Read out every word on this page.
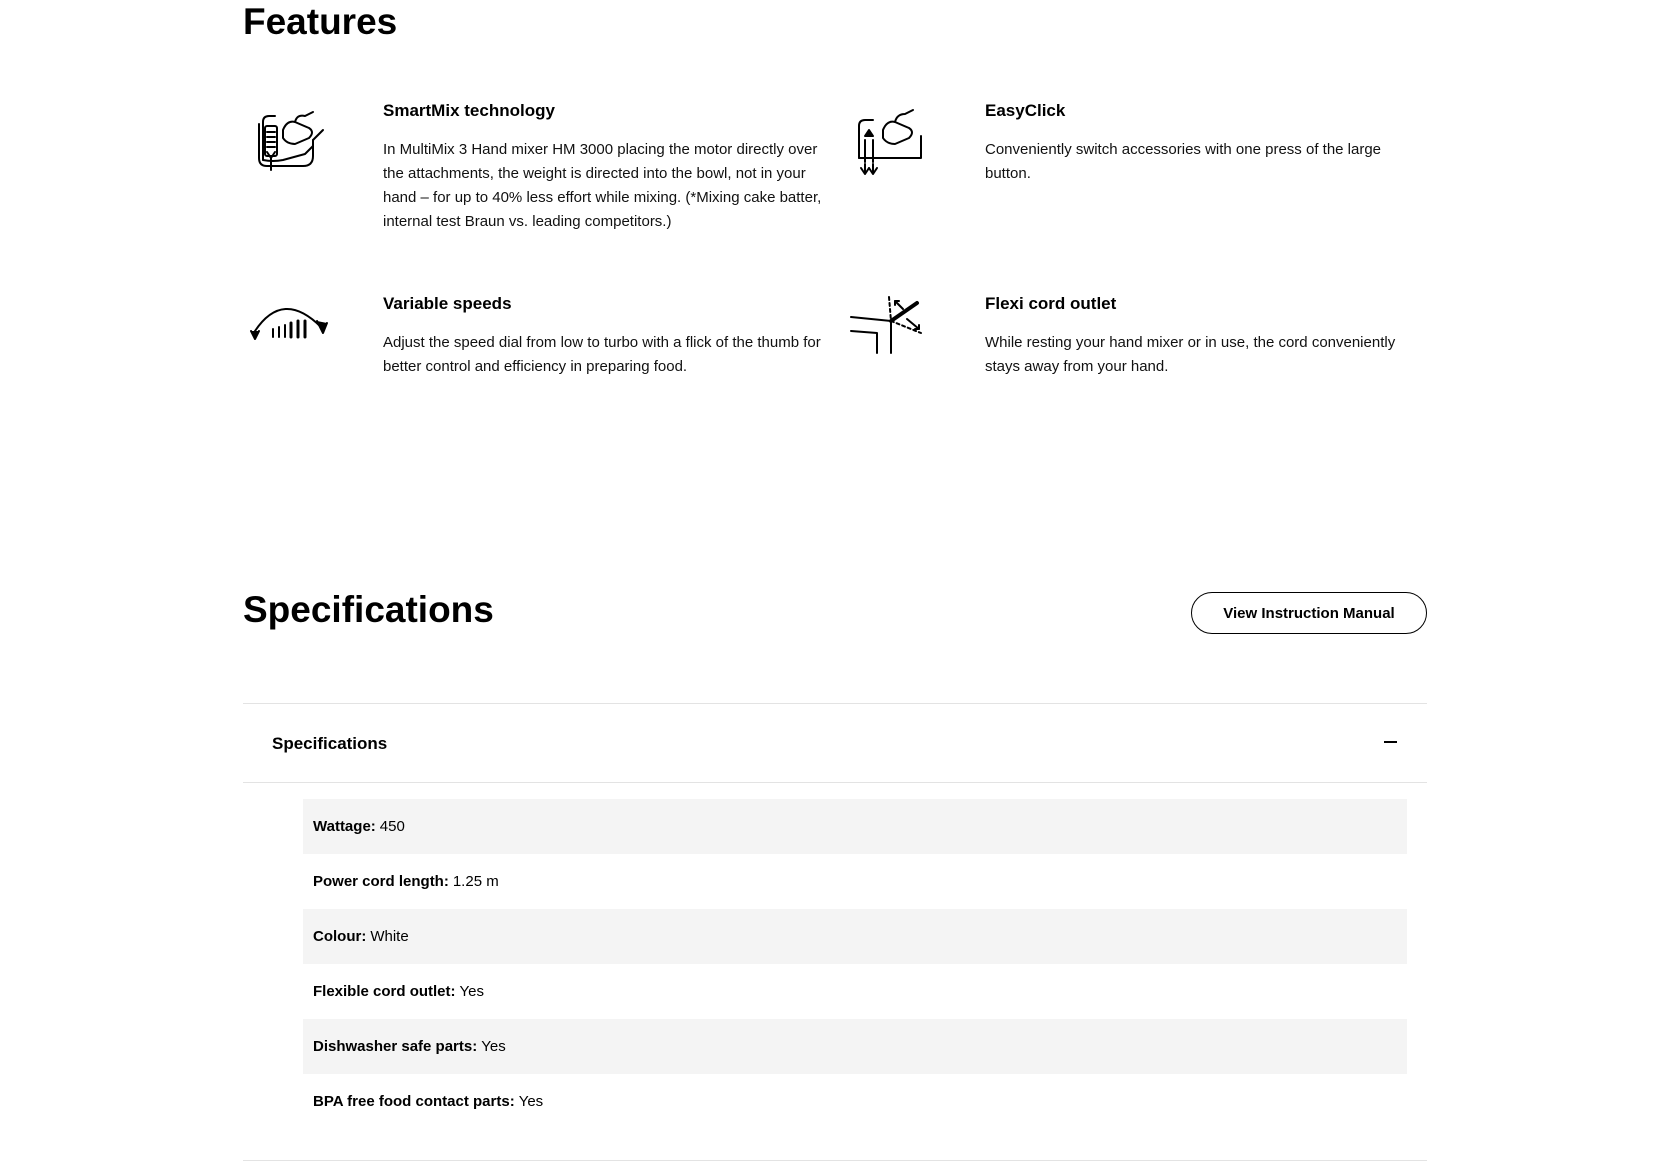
Features
SmartMix technology

In MultiMix 3 Hand mixer HM 3000 placing the motor directly over the attachments, the weight is directed into the bowl, not in your hand – for up to 40% less effort while mixing. (*Mixing cake batter, internal test Braun vs. leading competitors.)

EasyClick

Conveniently switch accessories with one press of the large button.

Variable speeds

Adjust the speed dial from low to turbo with a flick of the thumb for better control and efficiency in preparing food.

Flexi cord outlet

While resting your hand mixer or in use, the cord conveniently stays away from your hand.

Specifications	View Instruction Manual
Specifications
Wattage: 450
Power cord length: 1.25 m
Colour: White
Flexible cord outlet: Yes
Dishwasher safe parts: Yes
BPA free food contact parts: Yes
